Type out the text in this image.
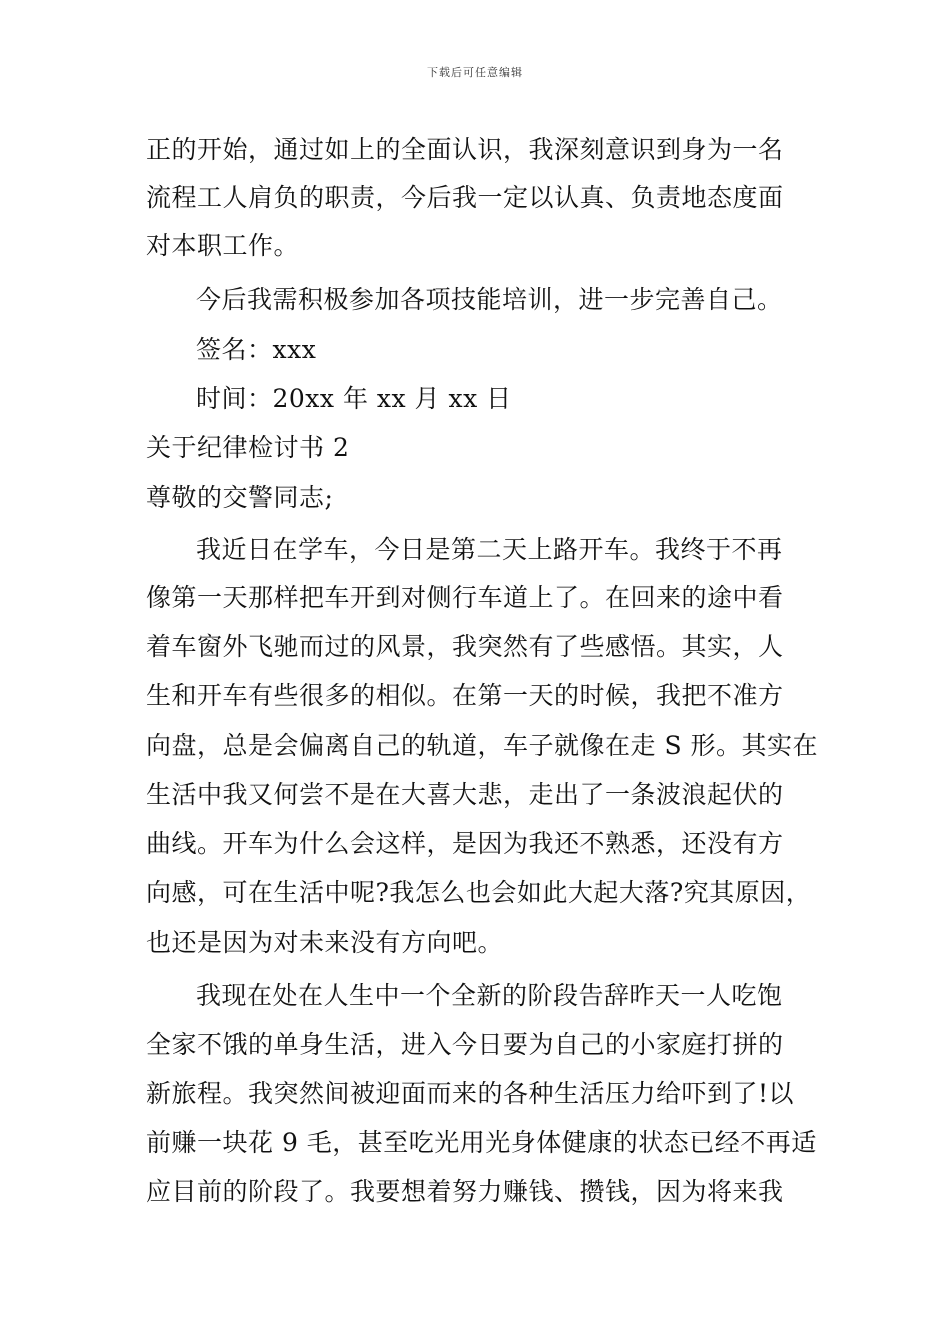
下载后可任意编辑
正的开始，通过如上的全面认识，我深刻意识到身为一名
流程工人肩负的职责，今后我一定以认真、负责地态度面
对本职工作。
今后我需积极参加各项技能培训，进一步完善自己。
签名：xxx
时间：20xx 年 xx 月 xx 日
关于纪律检讨书 2
尊敬的交警同志;
我近日在学车，今日是第二天上路开车。我终于不再
像第一天那样把车开到对侧行车道上了。在回来的途中看
着车窗外飞驰而过的风景，我突然有了些感悟。其实，人
生和开车有些很多的相似。在第一天的时候，我把不准方
向盘，总是会偏离自己的轨道，车子就像在走 S 形。其实在
生活中我又何尝不是在大喜大悲，走出了一条波浪起伏的
曲线。开车为什么会这样，是因为我还不熟悉，还没有方
向感，可在生活中呢?我怎么也会如此大起大落?究其原因，
也还是因为对未来没有方向吧。
我现在处在人生中一个全新的阶段告辞昨天一人吃饱
全家不饿的单身生活，进入今日要为自己的小家庭打拼的
新旅程。我突然间被迎面而来的各种生活压力给吓到了!以
前赚一块花 9 毛，甚至吃光用光身体健康的状态已经不再适
应目前的阶段了。我要想着努力赚钱、攒钱，因为将来我
